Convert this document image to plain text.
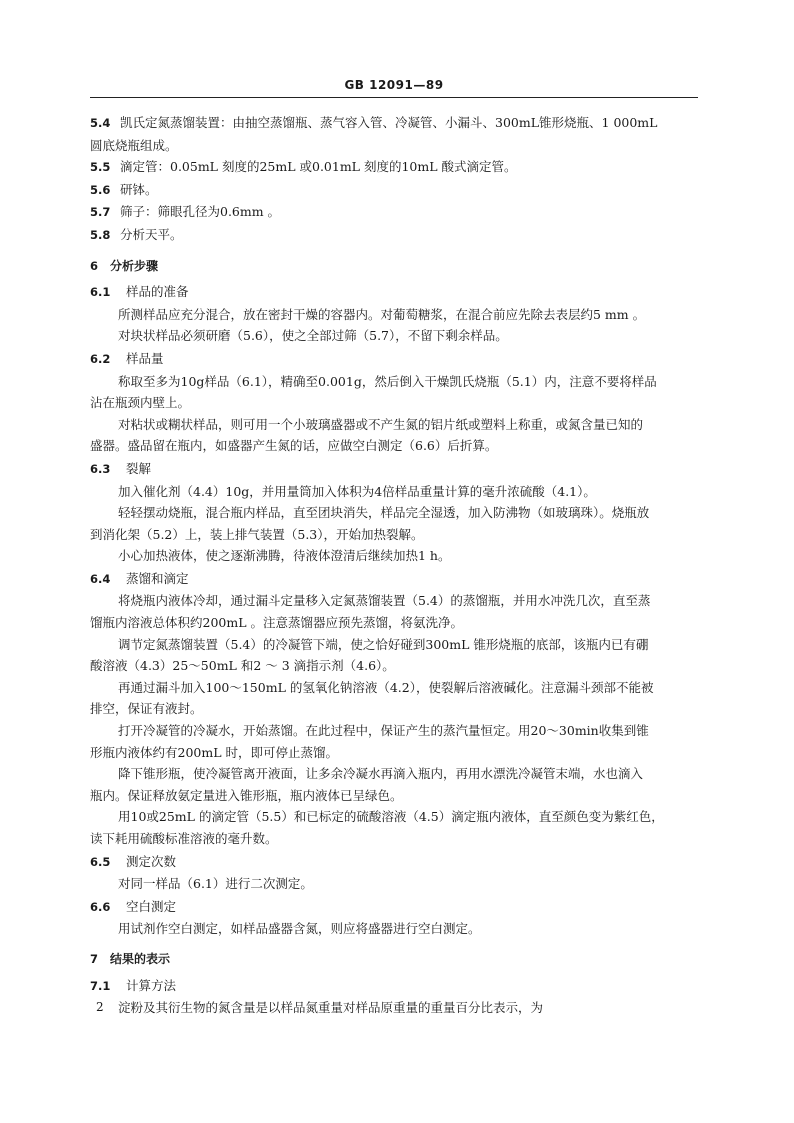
GB 12091—89
5.4 凯氏定氮蒸馏装置：由抽空蒸馏瓶、蒸气容入管、冷凝管、小漏斗、300mL锥形烧瓶、1 000mL
圆底烧瓶组成。
5.5 滴定管：0.05mL 刻度的25mL 或0.01mL 刻度的10mL 酸式滴定管。
5.6 研钵。
5.7 筛子：筛眼孔径为0.6mm 。
5.8 分析天平。
6 分析步骤
6.1 样品的准备
所测样品应充分混合，放在密封干燥的容器内。对葡萄糖浆，在混合前应先除去表层约5 mm 。
对块状样品必须研磨（5.6），使之全部过筛（5.7），不留下剩余样品。
6.2 样品量
称取至多为10g样品（6.1），精确至0.001g，然后倒入干燥凯氏烧瓶（5.1）内，注意不要将样品
沾在瓶颈内壁上。
对粘状或糊状样品，则可用一个小玻璃盛器或不产生氮的铝片纸或塑料上称重，或氮含量已知的
盛器。盛品留在瓶内，如盛器产生氮的话，应做空白测定（6.6）后折算。
6.3 裂解
加入催化剂（4.4）10g，并用量筒加入体积为4倍样品重量计算的毫升浓硫酸（4.1）。
轻轻摆动烧瓶，混合瓶内样品，直至团块消失，样品完全湿透，加入防沸物（如玻璃珠）。烧瓶放
到消化架（5.2）上，装上排气装置（5.3），开始加热裂解。
小心加热液体，使之逐渐沸腾，待液体澄清后继续加热1 h。
6.4 蒸馏和滴定
将烧瓶内液体冷却，通过漏斗定量移入定氮蒸馏装置（5.4）的蒸馏瓶，并用水冲洗几次，直至蒸
馏瓶内溶液总体积约200mL 。注意蒸馏器应预先蒸馏，将氨洗净。
调节定氮蒸馏装置（5.4）的冷凝管下端，使之恰好碰到300mL 锥形烧瓶的底部，该瓶内已有硼
酸溶液（4.3）25～50mL 和2 ～ 3 滴指示剂（4.6）。
再通过漏斗加入100～150mL 的氢氧化钠溶液（4.2），使裂解后溶液碱化。注意漏斗颈部不能被
排空，保证有液封。
打开冷凝管的冷凝水，开始蒸馏。在此过程中，保证产生的蒸汽量恒定。用20～30min收集到锥
形瓶内液体约有200mL 时，即可停止蒸馏。
降下锥形瓶，使冷凝管离开液面，让多余冷凝水再滴入瓶内，再用水漂洗冷凝管末端，水也滴入
瓶内。保证释放氨定量进入锥形瓶，瓶内液体已呈绿色。
用10或25mL 的滴定管（5.5）和已标定的硫酸溶液（4.5）滴定瓶内液体，直至颜色变为紫红色，
读下耗用硫酸标准溶液的毫升数。
6.5 测定次数
对同一样品（6.1）进行二次测定。
6.6 空白测定
用试剂作空白测定，如样品盛器含氮，则应将盛器进行空白测定。
7 结果的表示
7.1 计算方法
淀粉及其衍生物的氮含量是以样品氮重量对样品原重量的重量百分比表示，为
2
